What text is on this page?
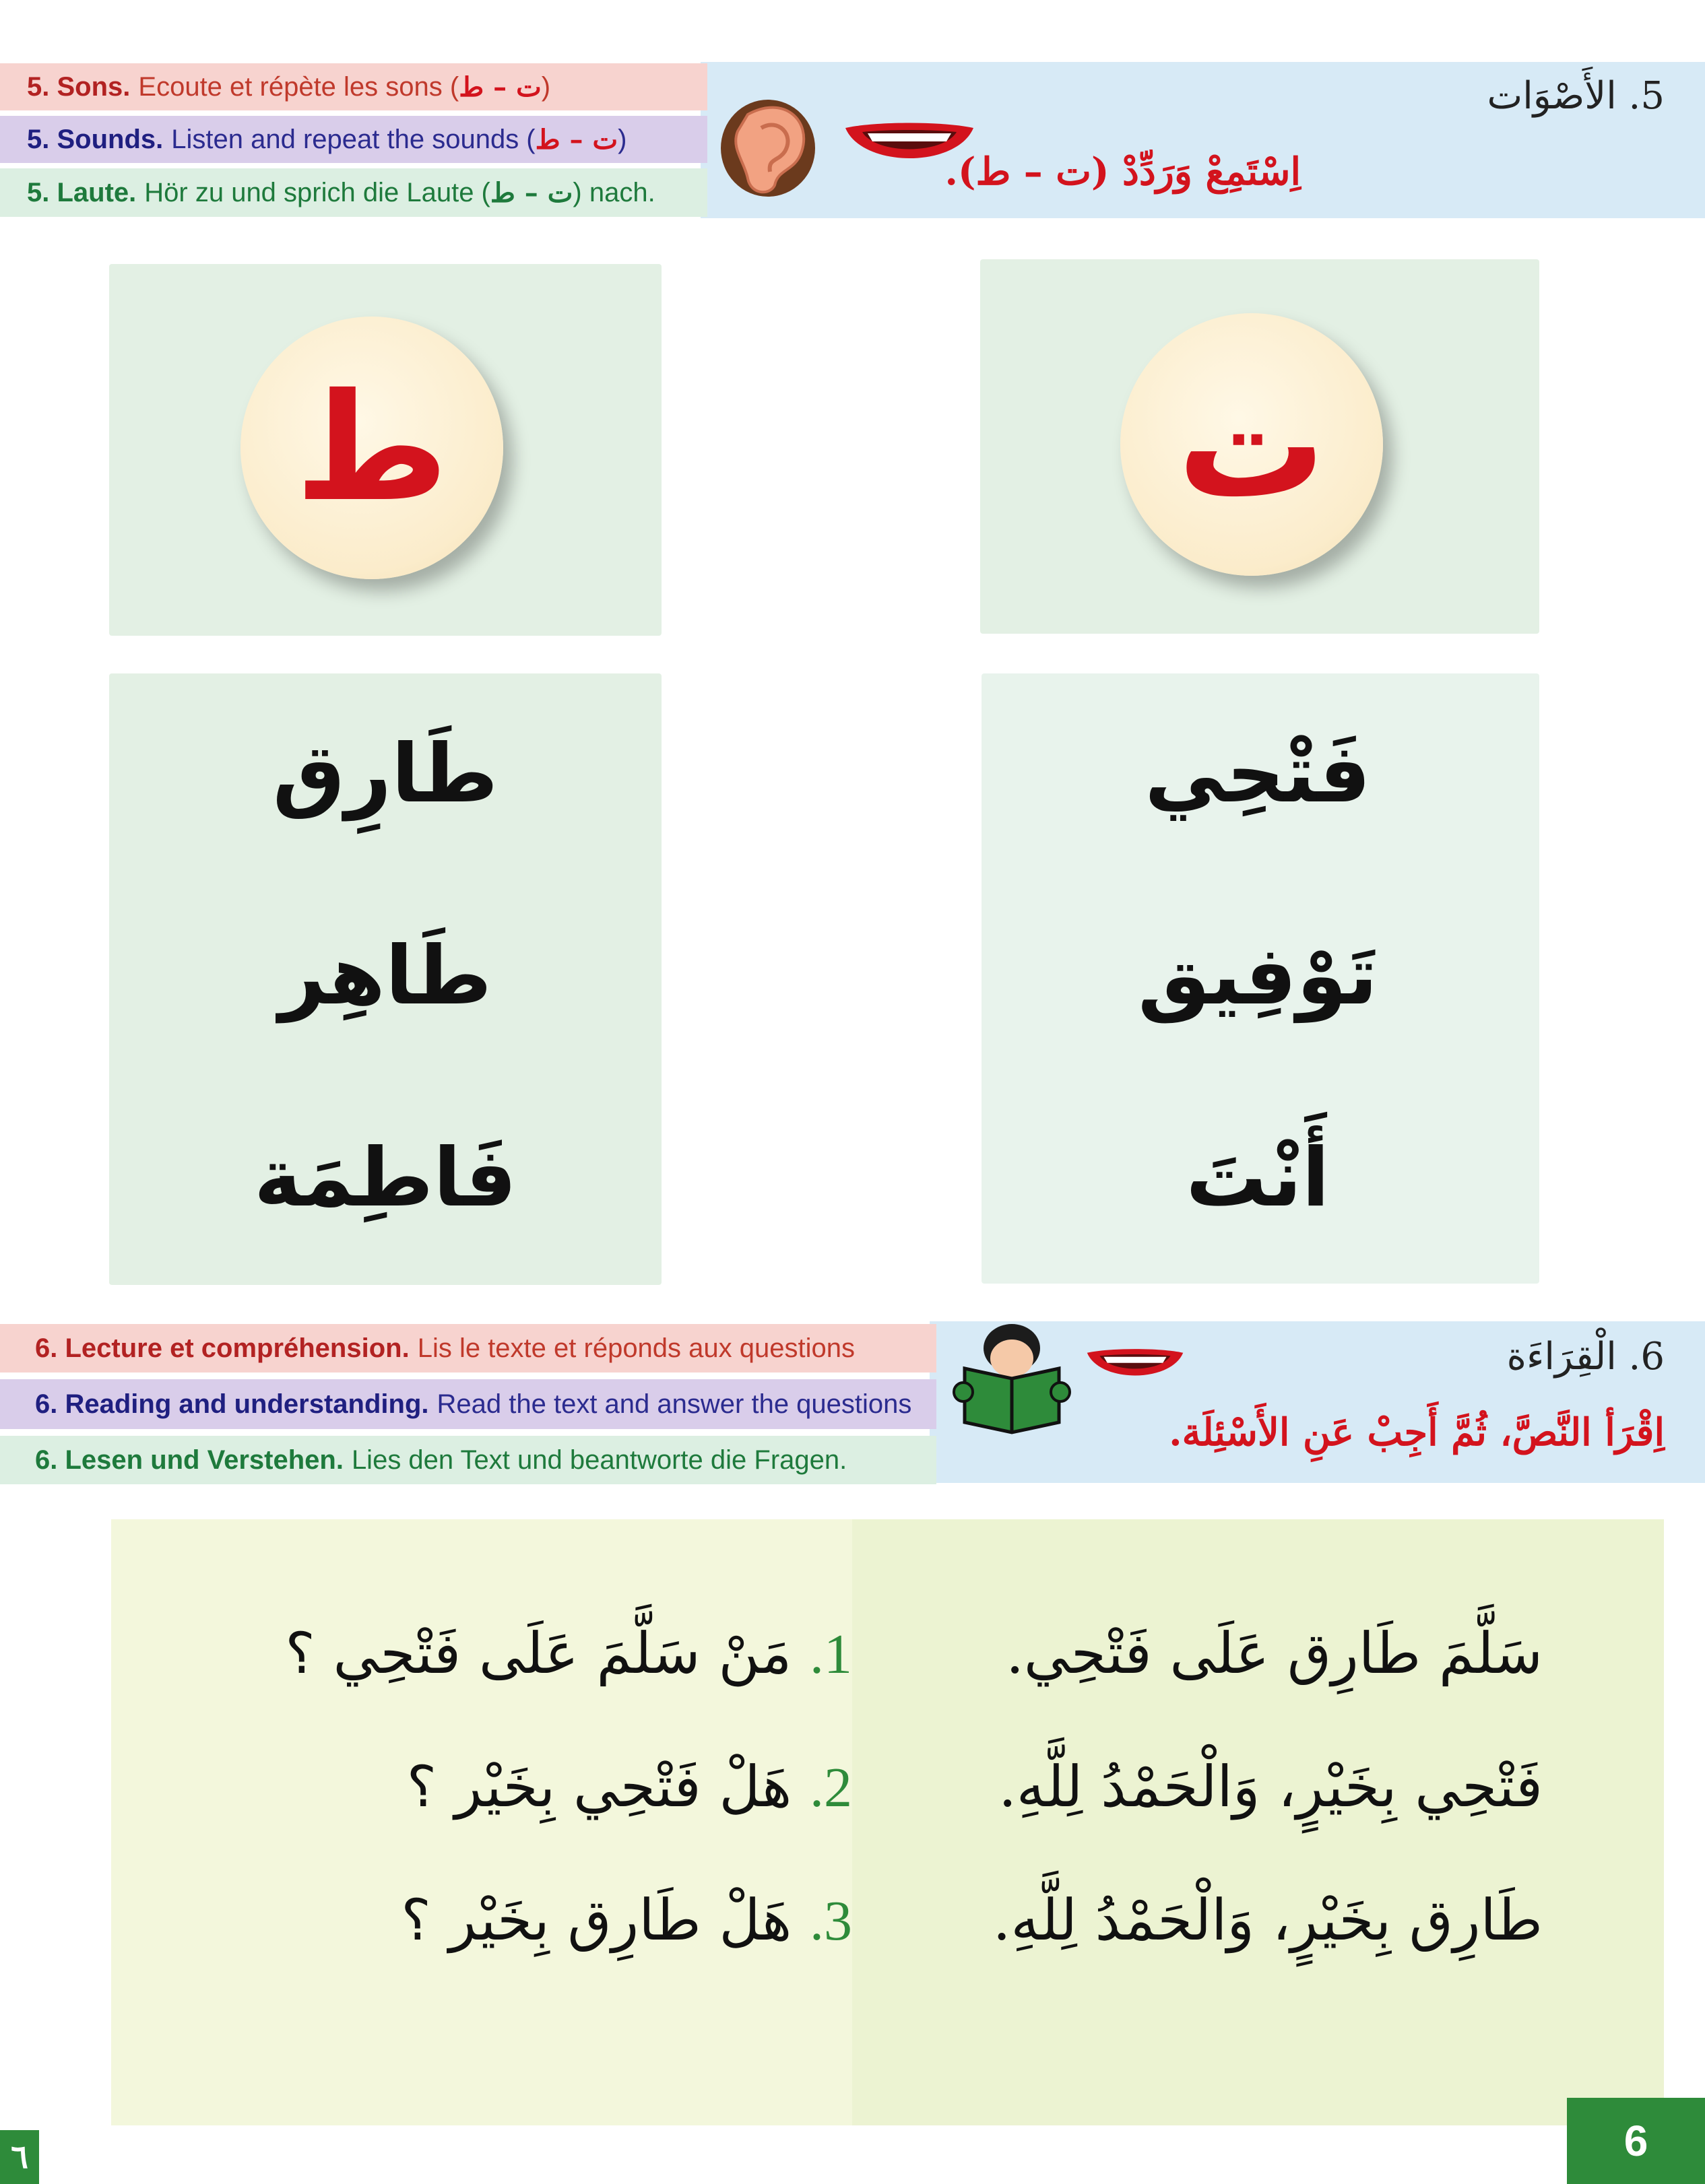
5. Sons. Ecoute et répète les sons ( ت – ط )
5. Sounds. Listen and repeat the sounds ( ت – ط )
5. Laute. Hör zu und sprich die Laute ( ت – ط ) nach.
5. الأَصْوَات
اِسْتَمِعْ وَرَدِّدْ (ت – ط).
ط	ت
طَارِق
طَاهِر
فَاطِمَة
فَتْحِي
تَوْفِيق
أَنْتَ
6. Lecture et compréhension. Lis le texte et réponds aux questions
6. Reading and understanding. Read the text and answer the questions
6. Lesen und Verstehen. Lies den Text und beantworte die Fragen.
6. الْقِرَاءَة
اِقْرَأ النَّصَّ، ثُمَّ أَجِبْ عَنِ الأَسْئِلَة.
1. مَنْ سَلَّمَ عَلَى فَتْحِي ؟
2. هَلْ فَتْحِي بِخَيْر ؟
3. هَلْ طَارِق بِخَيْر ؟
سَلَّمَ طَارِق عَلَى فَتْحِي.
فَتْحِي بِخَيْرٍ، وَالْحَمْدُ لِلَّهِ.
طَارِق بِخَيْرٍ، وَالْحَمْدُ لِلَّهِ.
6
٦
